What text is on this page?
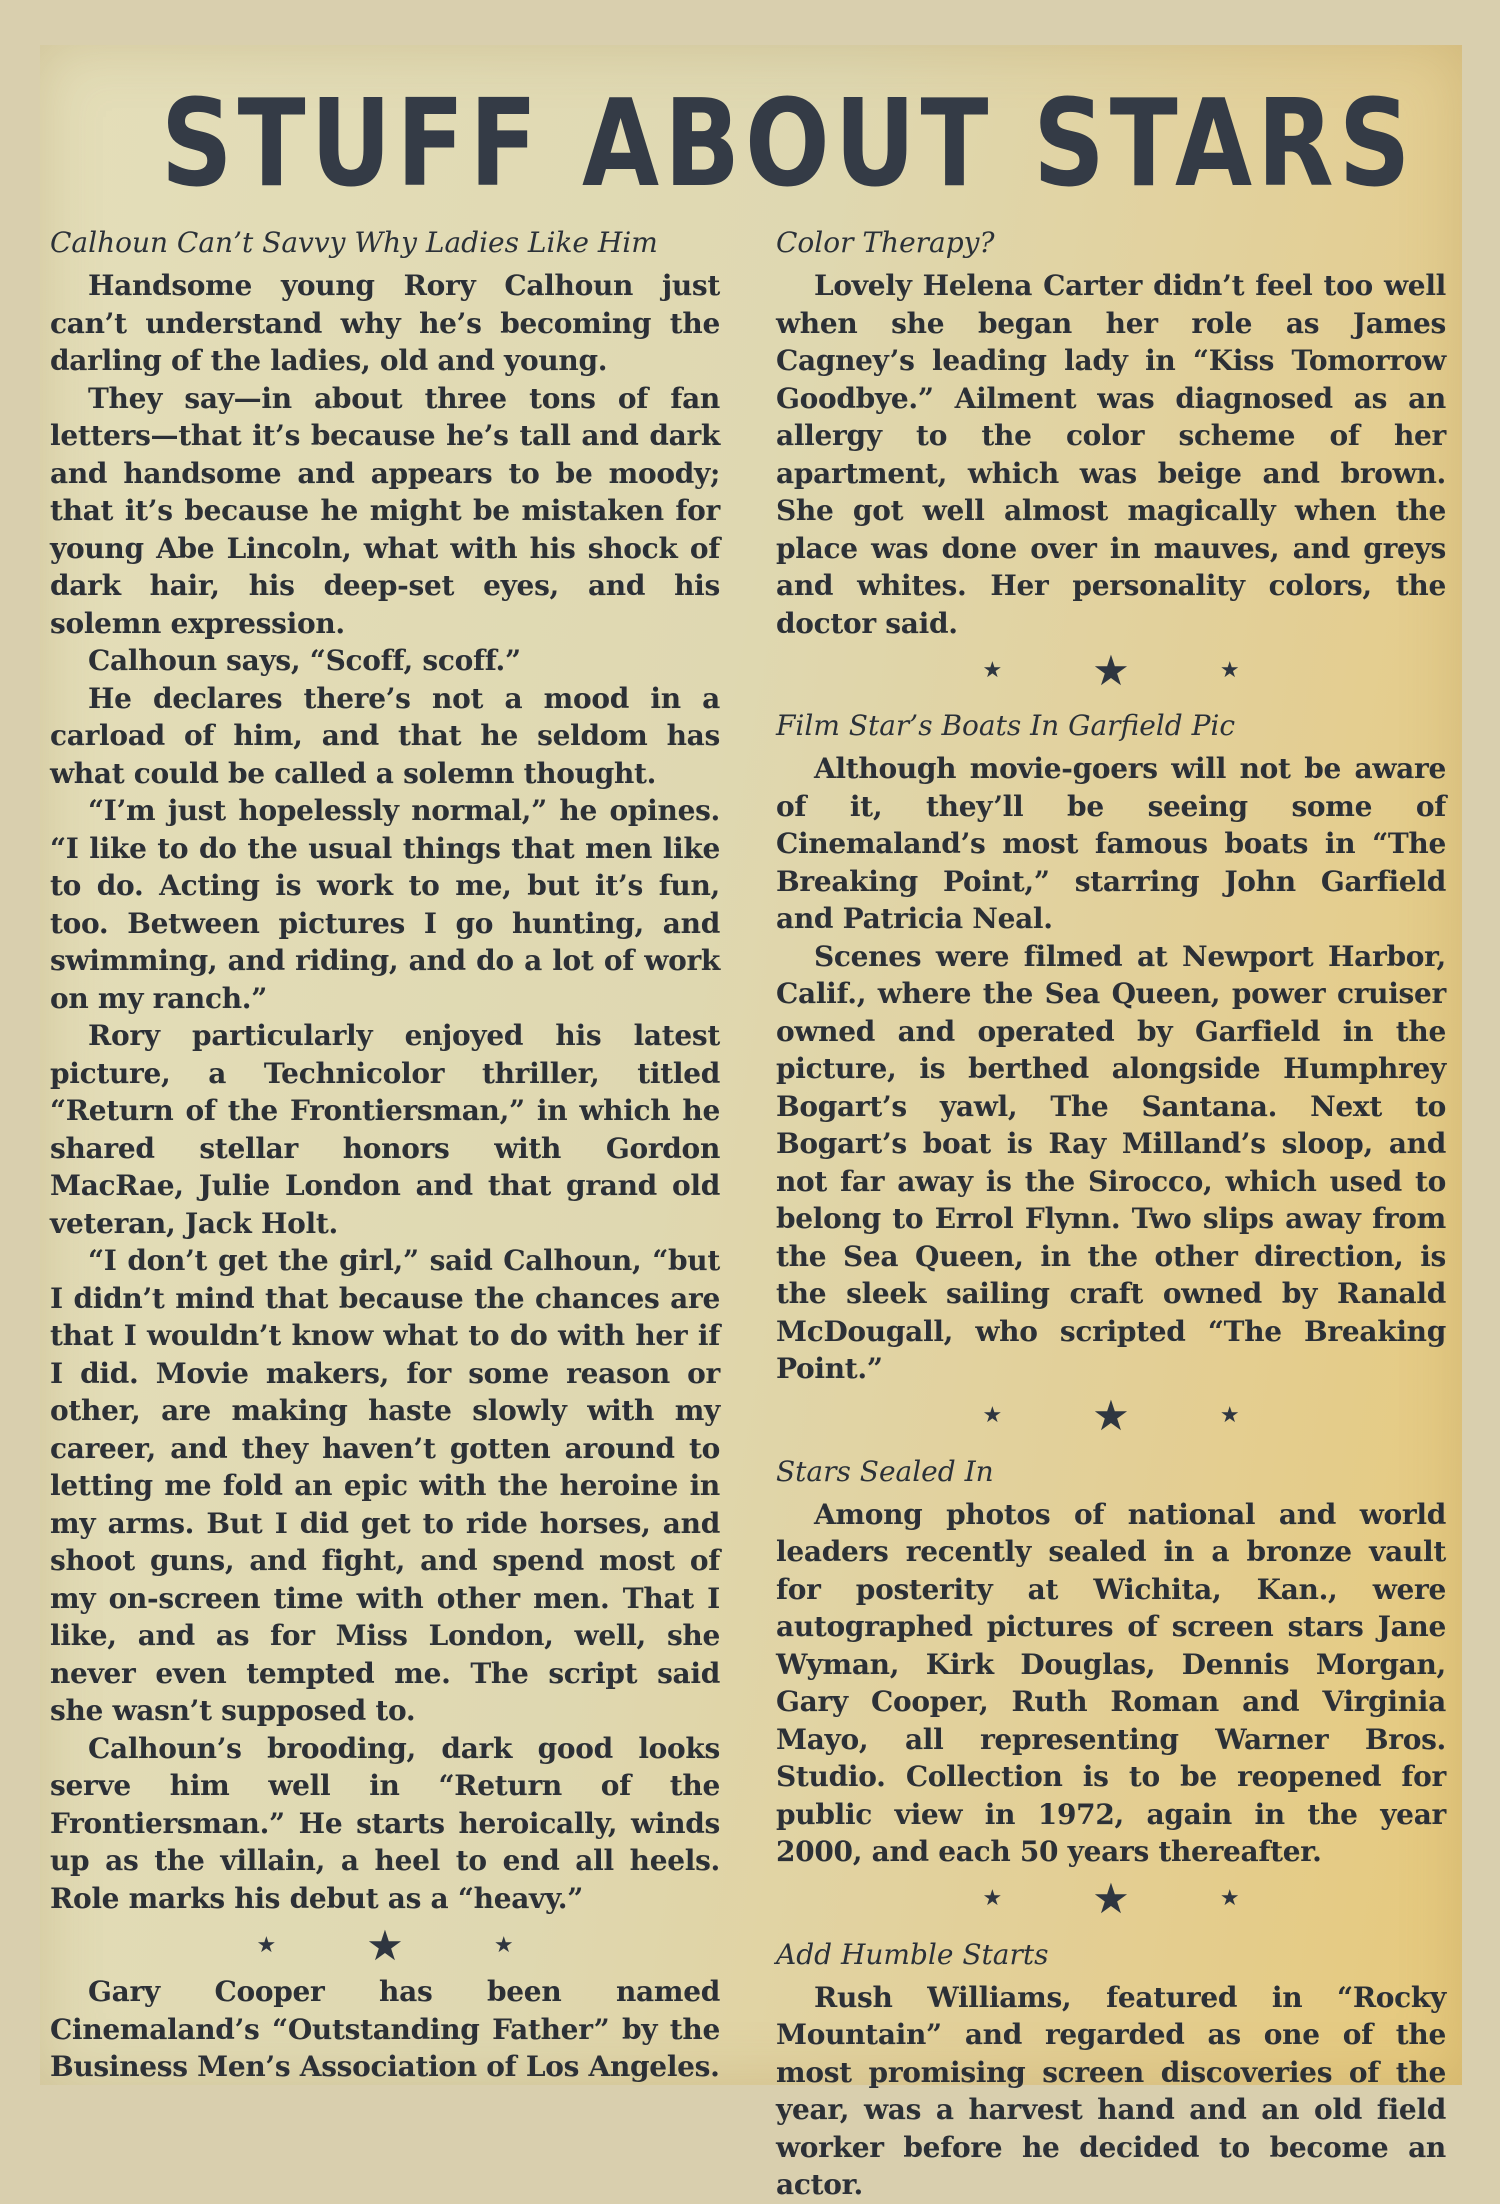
STUFF ABOUT STARS
Calhoun Can’t Savvy Why Ladies Like Him

Handsome young Rory Calhoun just can’t understand why he’s becoming the darling of the ladies, old and young.

They say—in about three tons of fan letters—that it’s because he’s tall and dark and handsome and appears to be moody; that it’s because he might be mistaken for young Abe Lincoln, what with his shock of dark hair, his deep-set eyes, and his solemn expression.

Calhoun says, “Scoff, scoff.”

He declares there’s not a mood in a carload of him, and that he seldom has what could be called a solemn thought.

“I’m just hopelessly normal,” he opines. “I like to do the usual things that men like to do. Acting is work to me, but it’s fun, too. Between pictures I go hunting, and swimming, and riding, and do a lot of work on my ranch.”

Rory particularly enjoyed his latest picture, a Technicolor thriller, titled “Return of the Frontiersman,” in which he shared stellar honors with Gordon MacRae, Julie London and that grand old veteran, Jack Holt.

“I don’t get the girl,” said Calhoun, “but I didn’t mind that because the chances are that I wouldn’t know what to do with her if I did. Movie makers, for some reason or other, are making haste slowly with my career, and they haven’t gotten around to letting me fold an epic with the heroine in my arms. But I did get to ride horses, and shoot guns, and fight, and spend most of my on-screen time with other men. That I like, and as for Miss London, well, she never even tempted me. The script said she wasn’t supposed to.

Calhoun’s brooding, dark good looks serve him well in “Return of the Frontiersman.” He starts heroically, winds up as the villain, a heel to end all heels. Role marks his debut as a “heavy.”

★ ★	★

Gary Cooper has been named Cinemaland’s “Outstanding Father” by the Business Men’s Association of Los Angeles.

Color Therapy?

Lovely Helena Carter didn’t feel too well when she began her role as James Cagney’s leading lady in “Kiss Tomorrow Goodbye.” Ailment was diagnosed as an allergy to the color scheme of her apartment, which was beige and brown. She got well almost magically when the place was done over in mauves, and greys and whites. Her personality colors, the doctor said.

★ ★	★
Film Star’s Boats In Garfield Pic

Although movie-goers will not be aware of it, they’ll be seeing some of Cinemaland’s most famous boats in “The Breaking Point,” starring John Garfield and Patricia Neal.

Scenes were filmed at Newport Harbor, Calif., where the Sea Queen, power cruiser owned and operated by Garfield in the picture, is berthed alongside Humphrey Bogart’s yawl, The Santana. Next to Bogart’s boat is Ray Milland’s sloop, and not far away is the Sirocco, which used to belong to Errol Flynn. Two slips away from the Sea Queen, in the other direction, is the sleek sailing craft owned by Ranald McDougall, who scripted “The Breaking Point.”

★ ★	★
Stars Sealed In

Among photos of national and world leaders recently sealed in a bronze vault for posterity at Wichita, Kan., were autographed pictures of screen stars Jane Wyman, Kirk Douglas, Dennis Morgan, Gary Cooper, Ruth Roman and Virginia Mayo, all representing Warner Bros. Studio. Collection is to be reopened for public view in 1972, again in the year 2000, and each 50 years thereafter.

★ ★	★
Add Humble Starts

Rush Williams, featured in “Rocky Mountain” and regarded as one of the most promising screen discoveries of the year, was a harvest hand and an old field worker before he decided to become an actor.
